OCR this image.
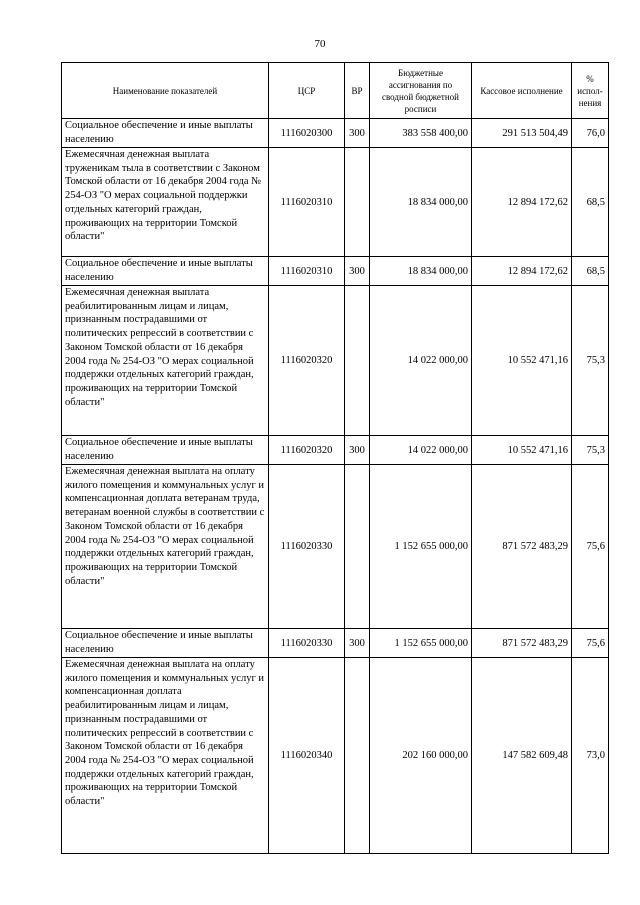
70
Наименование показателей	ЦСР	ВР	Бюджетные ассигнования по сводной бюджетной росписи	Кассовое исполнение	% испол-нения
Социальное обеспечение и иные выплаты населению	1116020300	300	383 558 400,00	291 513 504,49	76,0
Ежемесячная денежная выплата труженикам тыла в соответствии с Законом Томской области от 16 декабря 2004 года № 254-ОЗ "О мерах социальной поддержки отдельных категорий граждан, проживающих на территории Томской области"	1116020310		18 834 000,00	12 894 172,62	68,5
Социальное обеспечение и иные выплаты населению	1116020310	300	18 834 000,00	12 894 172,62	68,5
Ежемесячная денежная выплата реабилитированным лицам и лицам, признанным пострадавшими от политических репрессий в соответствии с Законом Томской области от 16 декабря 2004 года № 254-ОЗ "О мерах социальной поддержки отдельных категорий граждан, проживающих на территории Томской области"	1116020320		14 022 000,00	10 552 471,16	75,3
Социальное обеспечение и иные выплаты населению	1116020320	300	14 022 000,00	10 552 471,16	75,3
Ежемесячная денежная выплата на оплату жилого помещения и коммунальных услуг и компенсационная доплата ветеранам труда, ветеранам военной службы в соответствии с Законом Томской области от 16 декабря 2004 года № 254-ОЗ "О мерах социальной поддержки отдельных категорий граждан, проживающих на территории Томской области"	1116020330		1 152 655 000,00	871 572 483,29	75,6
Социальное обеспечение и иные выплаты населению	1116020330	300	1 152 655 000,00	871 572 483,29	75,6
Ежемесячная денежная выплата на оплату жилого помещения и коммунальных услуг и компенсационная доплата реабилитированным лицам и лицам, признанным пострадавшими от политических репрессий в соответствии с Законом Томской области от 16 декабря 2004 года № 254-ОЗ "О мерах социальной поддержки отдельных категорий граждан, проживающих на территории Томской области"	1116020340		202 160 000,00	147 582 609,48	73,0
